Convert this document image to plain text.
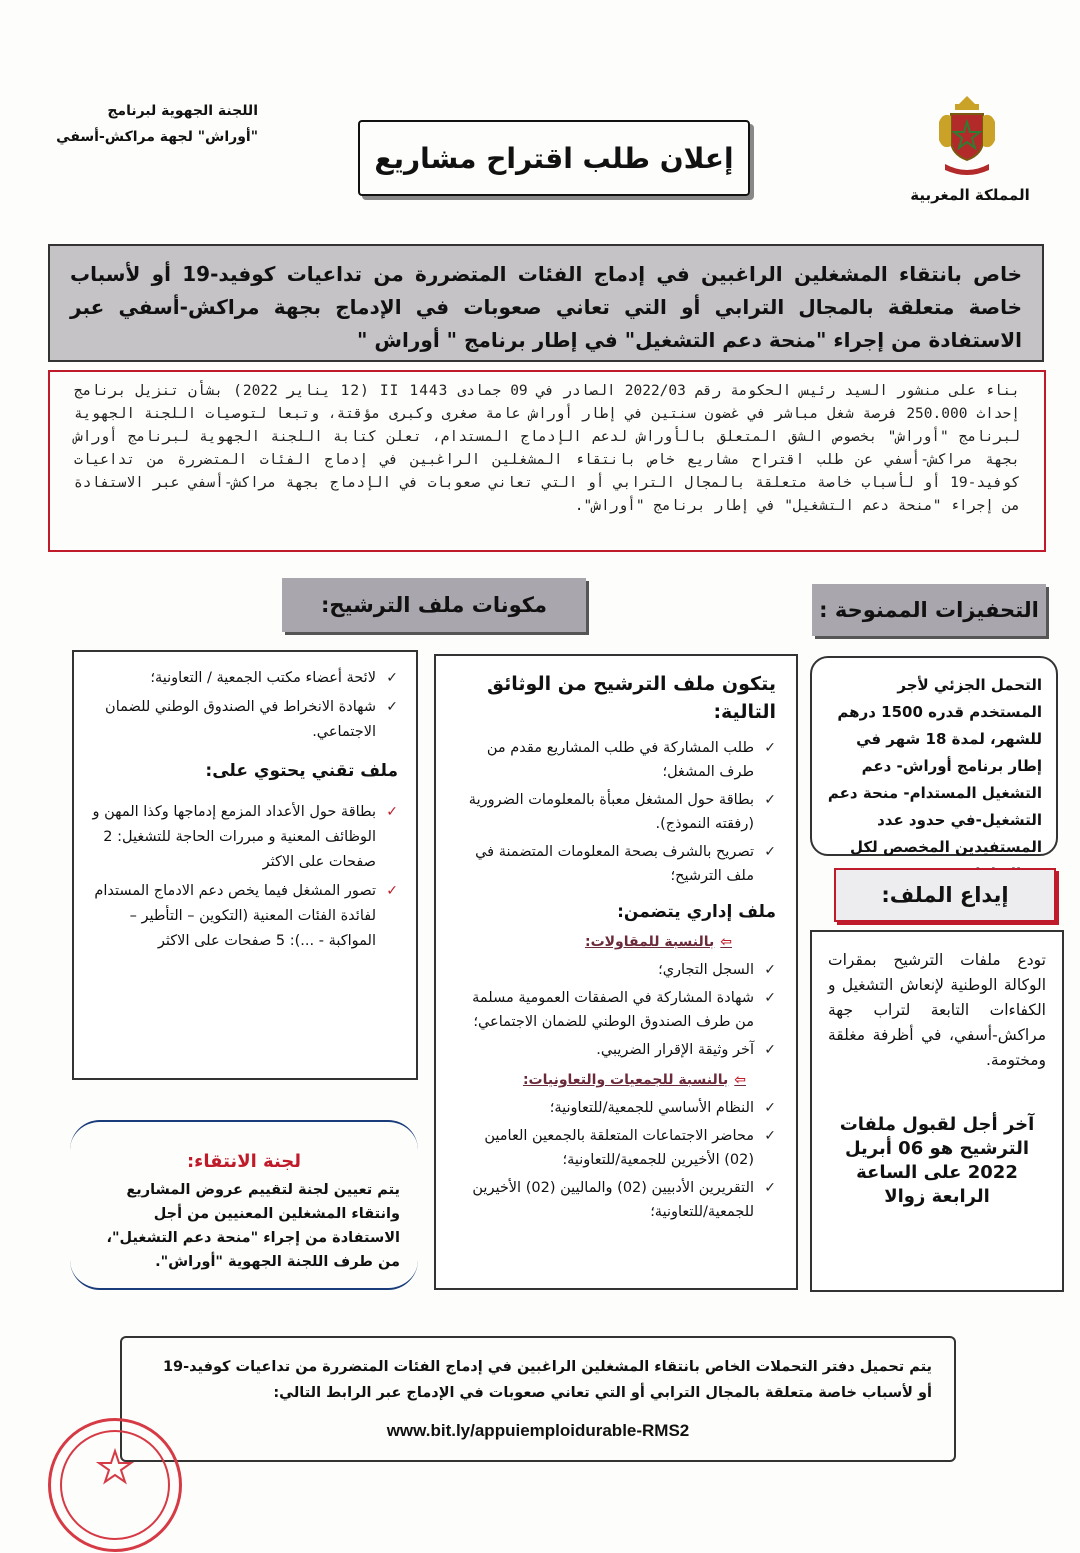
المملكة المغربية
اللجنة الجهوية لبرنامج
"أوراش" لجهة مراكش-أسفي
إعلان طلب اقتراح مشاريع
خاص بانتقاء المشغلين الراغبين في إدماج الفئات المتضررة من تداعيات كوفيد-19 أو لأسباب خاصة متعلقة بالمجال الترابي أو التي تعاني صعوبات في الإدماج بجهة مراكش-أسفي عبر الاستفادة من إجراء "منحة دعم التشغيل" في إطار برنامج " أوراش "
بناء على منشور السيد رئيس الحكومة رقم 2022/03 الصادر في 09 جمادى II 1443 (12 يناير 2022) بشأن تنزيل برنامج إحداث 250.000 فرصة شغل مباشر في غضون سنتين في إطار أوراش عامة صغرى وكبرى مؤقتة، وتبعا لتوصيات اللجنة الجهوية لبرنامج "أوراش" بخصوص الشق المتعلق بالأوراش لدعم الإدماج المستدام، تعلن كتابة اللجنة الجهوية لبرنامج أوراش بجهة مراكش-أسفي عن طلب اقتراح مشاريع خاص بانتقاء المشغلين الراغبين في إدماج الفئات المتضررة من تداعيات كوفيد-19 أو لأسباب خاصة متعلقة بالمجال الترابي أو التي تعاني صعوبات في الإدماج بجهة مراكش-أسفي عبر الاستفادة من إجراء "منحة دعم التشغيل" في إطار برنامج "أوراش".
التحفيزات الممنوحة :
مكونات ملف الترشيح:
التحمل الجزئي لأجر المستخدم قدره 1500 درهم للشهر، لمدة 18 شهر في إطار برنامج أوراش- دعم التشغيل المستدام- منحة دعم التشغيل-في حدود عدد المستفيدين المخصص لكل
إيداع الملف:
تودع ملفات الترشيح بمقرات الوكالة الوطنية لإنعاش التشغيل و الكفاءات التابعة لتراب جهة مراكش-أسفي، في أظرفة مغلقة ومختومة.
آخر أجل لقبول ملفات الترشيح هو 06 أبريل 2022 على الساعة الرابعة زوالا
يتكون ملف الترشيح من الوثائق التالية:
✓ طلب المشاركة في طلب المشاريع مقدم من طرف المشغل؛
✓ بطاقة حول المشغل معبأة بالمعلومات الضرورية (رفقته النموذج).
✓ تصريح بالشرف بصحة المعلومات المتضمنة في ملف الترشيح؛
ملف إداري يتضمن:
⇦بالنسبة للمقاولات:
✓ السجل التجاري؛
✓ شهادة المشاركة في الصفقات العمومية مسلمة من طرف الصندوق الوطني للضمان الاجتماعي؛
✓ آخر وثيقة الإقرار الضريبي.
⇦بالنسبة للجمعيات والتعاونيات:
✓ النظام الأساسي للجمعية/للتعاونية؛
✓ محاضر الاجتماعات المتعلقة بالجمعين العامين (02) الأخيرين للجمعية/للتعاونية؛
✓ التقريرين الأدبيين (02) والماليين (02) الأخيرين للجمعية/للتعاونية؛
✓ لائحة أعضاء مكتب الجمعية / التعاونية؛
✓ شهادة الانخراط في الصندوق الوطني للضمان الاجتماعي.
ملف تقني يحتوي على:
✓ بطاقة حول الأعداد المزمع إدماجها وكذا المهن و الوظائف المعنية و مبررات الحاجة للتشغيل: 2 صفحات على الاكثر
✓ تصور المشغل فيما يخص دعم الادماج المستدام لفائدة الفئات المعنية (التكوين – التأطير – المواكبة - ...): 5 صفحات على الاكثر
لجنة الانتقاء:
يتم تعيين لجنة لتقييم عروض المشاريع وانتقاء المشغلين المعنيين من أجل الاستفادة من إجراء "منحة دعم التشغيل"، من طرف اللجنة الجهوية "أوراش".
يتم تحميل دفتر التحملات الخاص بانتقاء المشغلين الراغبين في إدماج الفئات المتضررة من تداعيات كوفيد-19 أو لأسباب خاصة متعلقة بالمجال الترابي أو التي تعاني صعوبات في الإدماج عبر الرابط التالي:
www.bit.ly/appuiemploidurable-RMS2
